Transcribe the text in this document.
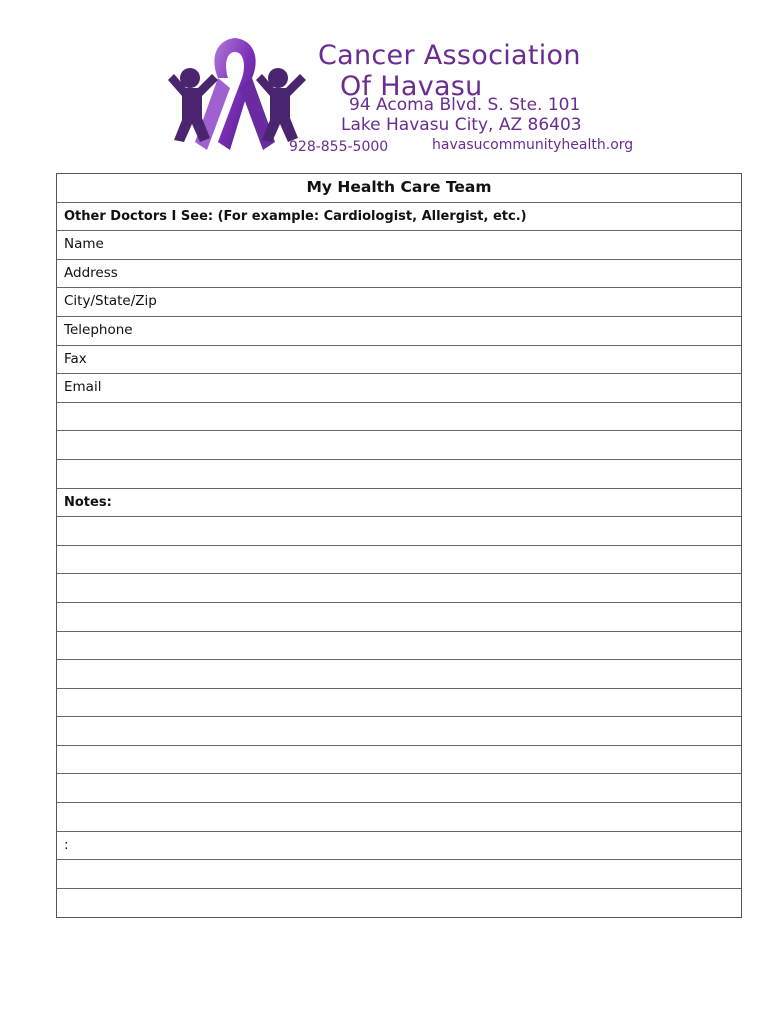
Cancer Association
Of Havasu
94 Acoma Blvd. S. Ste. 101
Lake Havasu City, AZ 86403
928-855-5000	havasucommunityhealth.org
My Health Care Team
Other Doctors I See: (For example: Cardiologist, Allergist, etc.)
Name
Address
City/State/Zip
Telephone
Fax
Email
Notes:
:
